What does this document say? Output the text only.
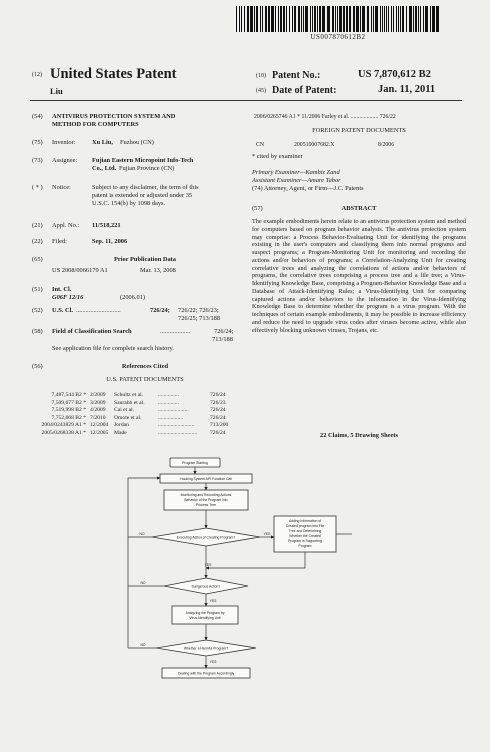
US007870612B2
(12) United States Patent
Liu
(10) Patent No.:	US 7,870,612 B2
(45) Date of Patent:	Jan. 11, 2011
(54) ANTIVIRUS PROTECTION SYSTEM AND
METHOD FOR COMPUTERS
(75) Inventor:	Xu Liu, Fuzhou (CN)
(73) Assignee: Fujian Eastern Micropoint Info-Tech
Co., Ltd. Fujian Province (CN)
( * ) Notice:	Subject to any disclaimer, the term of this
patent is extended or adjusted under 35
U.S.C. 154(b) by 1098 days.
(21) Appl. No.: 11/518,221
(22) Filed:	Sep. 11, 2006
(65)	Prior Publication Data
US 2008/0066179 A1	Mar. 13, 2008
(51) Int. Cl.
G06F 12/16	(2006.01)
(52) U.S. Cl. ............................	726/24; 726/22; 726/23;
726/25; 713/188
(58) Field of Classification Search	...................	726/24;
713/188
See application file for complete search history.
(56)	References Cited
U.S. PATENT DOCUMENTS
7,487,544 B2 * 2/2009 Schultz et al.	...............	726/24
7,509,677 B2 * 3/2009 Saurabh et al. ...............	726/23
7,519,998 B2 * 4/2009 Cai et al.	......................	726/24
7,752,668 B2 * 7/2010 Omote et al.	..................	726/24
2004/0243829 A1 * 12/2004 Jordan	..........................	713/200
2005/0268338 A1 * 12/2005 Made	............................ 726/24
2006/0265746 A1 * 11/2006 Farley et al. ................... 726/22
FOREIGN PATENT DOCUMENTS
CN	200510007682.X	8/2006
* cited by examiner
Primary Examiner—Kambiz Zand
Assistant Examiner—Amare Tabor
(74) Attorney, Agent, or Firm—J.C. Patents
(57)	ABSTRACT
The example embodiments herein relate to an antivirus protection system and method for computers based on program behavior analysis. The antivirus protection system may comprise: a Process Behavior-Evaluating Unit for identifying the programs existing in the user's computers and classifying them into normal programs and suspect programs; a Program-Monitoring Unit for monitoring and recording the actions and/or behaviors of programs; a Correlation-Analyzing Unit for creating correlative trees and analyzing the correlations of actions and/or behaviors of programs, the correlative trees comprising a process tree and a file tree; a Virus-Identifying Knowledge Base, comprising a Program-Behavior Knowledge Base and a Database of Attack-Identifying Rules; a Virus-Identifying Unit for comparing captured actions and/or behaviors to the information in the Virus-Identifying Knowledge Base to determine whether the program is a virus program. With the techniques of certain example embodiments, it may be possible to increase efficiency and reduce the need to upgrade virus codes after viruses become active, while also effectively blocking unknown viruses, Trojans, etc.
22 Claims, 5 Drawing Sheets
Program Starting
Hooking System API Function Call
Monitoring and Recording Actions
Behavior of the Program into
Process Tree
Executing Action of Creating Program?
Adding Information of
Created program into File
Tree and Determining
Whether the Created
Program is Supporting
Program
Dangerous Action?
Analyzing the Program by
Virus-Identifying Unit
Whether a Harmful Program?
Dealing with the Program Accordingly
NO	YES
YES
NO
YES
NO
YES
